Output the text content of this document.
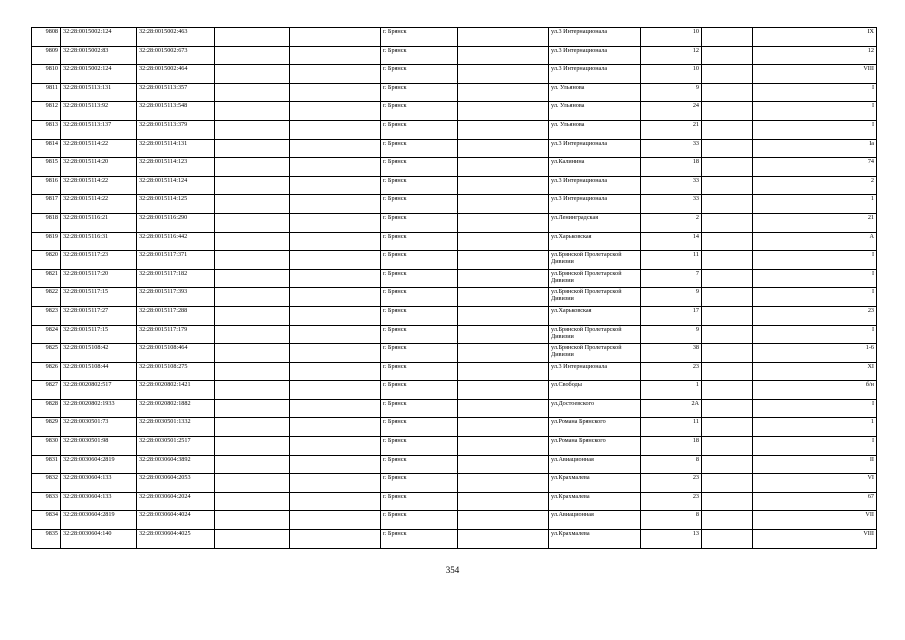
9808	32:28:0015002:124	32:28:0015002:463			г. Брянск		ул.3 Интернационала	10		IX
9809	32:28:0015002:83	32:28:0015002:673			г. Брянск		ул.3 Интернационала	12		12
9810	32:28:0015002:124	32:28:0015002:464			г. Брянск		ул.3 Интернационала	10		VIII
9811	32:28:0015113:131	32:28:0015113:357			г. Брянск		ул. Ульянова	9		I
9812	32:28:0015113:92	32:28:0015113:548			г. Брянск		ул. Ульянова	24		I
9813	32:28:0015113:137	32:28:0015113:379			г. Брянск		ул. Ульянова	21		I
9814	32:28:0015114:22	32:28:0015114:131			г. Брянск		ул.3 Интернационала	33		Iа
9815	32:28:0015114:20	32:28:0015114:123			г. Брянск		ул.Калинина	18		74
9816	32:28:0015114:22	32:28:0015114:124			г. Брянск		ул.3 Интернационала	33		2
9817	32:28:0015114:22	32:28:0015114:125			г. Брянск		ул.3 Интернационала	33		1
9818	32:28:0015116:21	32:28:0015116:290			г. Брянск		ул.Ленинградская	2		21
9819	32:28:0015116:31	32:28:0015116:442			г. Брянск		ул.Харьковская	14		А
9820	32:28:0015117:23	32:28:0015117:371			г. Брянск		ул.Брянской Пролетарской Дивизии	11		I
9821	32:28:0015117:20	32:28:0015117:182			г. Брянск		ул.Брянской Пролетарской Дивизии	7		I
9822	32:28:0015117:15	32:28:0015117:393			г. Брянск		ул.Брянской Пролетарской Дивизии	9		I
9823	32:28:0015117:27	32:28:0015117:288			г. Брянск		ул.Харьковская	17		23
9824	32:28:0015117:15	32:28:0015117:179			г. Брянск		ул.Брянской Пролетарской Дивизии	9		I
9825	32:28:0015108:42	32:28:0015108:464			г. Брянск		ул.Брянской Пролетарской Дивизии	38		1-6
9826	32:28:0015108:44	32:28:0015108:275			г. Брянск		ул.3 Интернационала	23		XI
9827	32:28:0020802:517	32:28:0020802:1421			г. Брянск		ул.Свободы	1		б/н
9828	32:28:0020802:1933	32:28:0020802:1882			г. Брянск		ул.Достоевского	2А		I
9829	32:28:0030501:73	32:28:0030501:1332			г. Брянск		ул.Романа Брянского	11		1
9830	32:28:0030501:98	32:28:0030501:2517			г. Брянск		ул.Романа Брянского	18		I
9831	32:28:0030604:2819	32:28:0030604:3892			г. Брянск		ул.Авиационная	8		II
9832	32:28:0030604:133	32:28:0030604:2053			г. Брянск		ул.Крахмалева	23		VI
9833	32:28:0030604:133	32:28:0030604:2024			г. Брянск		ул.Крахмалева	23		67
9834	32:28:0030604:2819	32:28:0030604:4024			г. Брянск		ул.Авиационная	8		VII
9835	32:28:0030604:140	32:28:0030604:4025			г. Брянск		ул.Крахмалева	13		VIII
354
